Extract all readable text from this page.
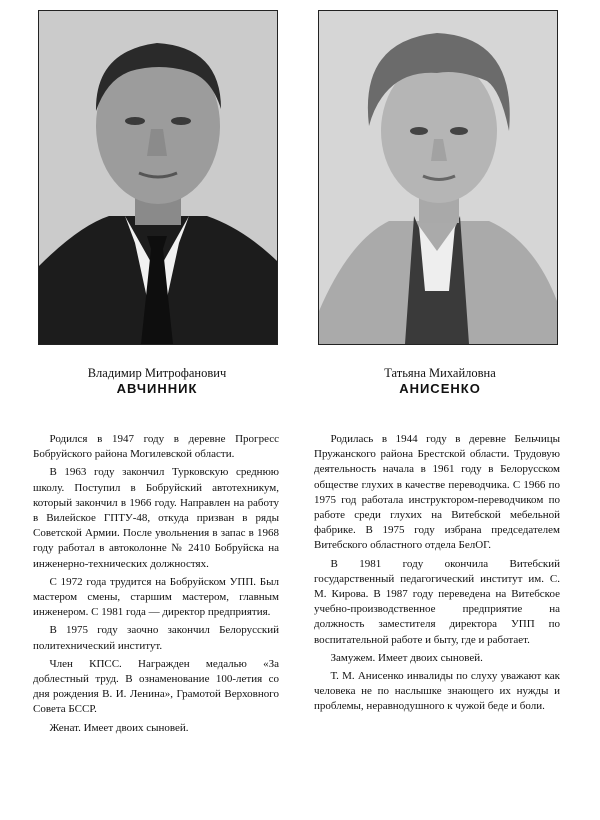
Владимир Митрофанович
АВЧИННИК
Татьяна Михайловна
АНИСЕНКО

Родился в 1947 году в деревне Прогресс Бобруйского района Могилевской области.

В 1963 году закончил Турковскую среднюю школу. Поступил в Бобруйский автотехникум, который закончил в 1966 году. Направлен на работу в Вилейское ГПТУ-48, откуда призван в ряды Советской Армии. После увольнения в запас в 1968 году работал в автоколонне № 2410 Бобруйска на инженерно-технических должностях.

С 1972 года трудится на Бобруйском УПП. Был мастером смены, старшим мастером, главным инженером. С 1981 года — директор предприятия.

В 1975 году заочно закончил Белорусский политехнический институт.

Член КПСС. Награжден медалью «За доблестный труд. В ознаменование 100-летия со дня рождения В. И. Ленина», Грамотой Верховного Совета БССР.

Женат. Имеет двоих сыновей.

Родилась в 1944 году в деревне Бельчицы Пружанского района Брестской области. Трудовую деятельность начала в 1961 году в Белорусском обществе глухих в качестве переводчика. С 1966 по 1975 год работала инструктором-переводчиком по работе среди глухих на Витебской мебельной фабрике. В 1975 году избрана председателем Витебского областного отдела БелОГ.

В 1981 году окончила Витебский государственный педагогический институт им. С. М. Кирова. В 1987 году переведена на Витебское учебно-производственное предприятие на должность заместителя директора УПП по воспитательной работе и быту, где и работает.

Замужем. Имеет двоих сыновей.

Т. М. Анисенко инвалиды по слуху уважают как человека не по наслышке знающего их нужды и проблемы, неравнодушного к чужой беде и боли.
